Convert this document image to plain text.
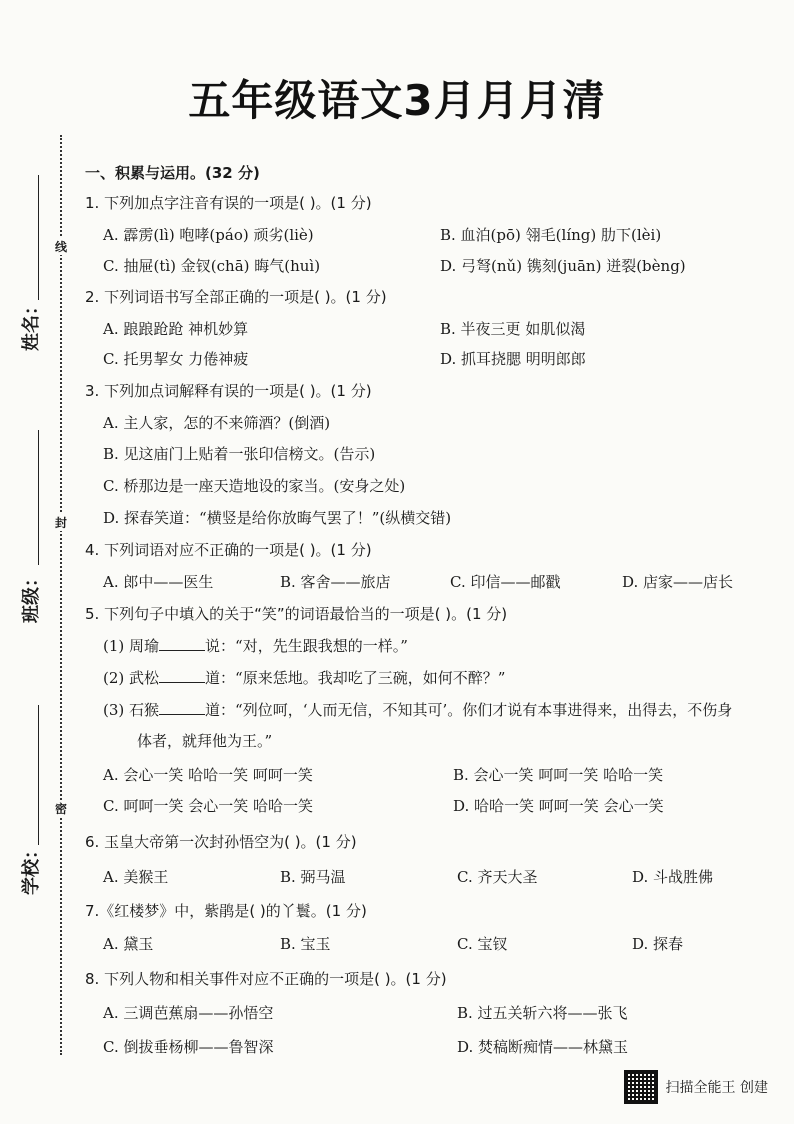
五年级语文3月月月清
线
封
密
姓名：
班级：
学校：
一、积累与运用。(32 分)
1. 下列加点字注音有误的一项是( )。(1 分)
A. 霹雳(lì) 咆哮(páo) 顽劣(liè)	B. 血泊(pō) 翎毛(líng) 肋下(lèi)
C. 抽屉(tì) 金钗(chā) 晦气(huì)	D. 弓弩(nǔ) 镌刻(juān) 迸裂(bèng)
2. 下列词语书写全部正确的一项是( )。(1 分)
A. 踉踉跄跄 神机妙算	B. 半夜三更 如肌似渴
C. 托男挈女 力倦神疲	D. 抓耳挠腮 明明郎郎
3. 下列加点词解释有误的一项是( )。(1 分)
A. 主人家，怎的不来筛酒？(倒酒)
B. 见这庙门上贴着一张印信榜文。(告示)
C. 桥那边是一座天造地设的家当。(安身之处)
D. 探春笑道：“横竖是给你放晦气罢了！”(纵横交错)
4. 下列词语对应不正确的一项是( )。(1 分)
A. 郎中——医生	B. 客舍——旅店	C. 印信——邮戳	D. 店家——店长
5. 下列句子中填入的关于“笑”的词语最恰当的一项是( )。(1 分)
(1) 周瑜	说：“对，先生跟我想的一样。”
(2) 武松	道：“原来恁地。我却吃了三碗，如何不醉？”
(3) 石猴	道：“列位呵，‘人而无信，不知其可’。你们才说有本事进得来，出得去，不伤身
体者，就拜他为王。”
A. 会心一笑 哈哈一笑 呵呵一笑	B. 会心一笑 呵呵一笑 哈哈一笑
C. 呵呵一笑 会心一笑 哈哈一笑	D. 哈哈一笑 呵呵一笑 会心一笑
6. 玉皇大帝第一次封孙悟空为( )。(1 分)
A. 美猴王	B. 弼马温	C. 齐天大圣	D. 斗战胜佛
7.《红楼梦》中，紫鹃是( )的丫鬟。(1 分)
A. 黛玉	B. 宝玉	C. 宝钗	D. 探春
8. 下列人物和相关事件对应不正确的一项是( )。(1 分)
A. 三调芭蕉扇——孙悟空	B. 过五关斩六将——张飞
C. 倒拔垂杨柳——鲁智深	D. 焚稿断痴情——林黛玉
扫描全能王 创建
